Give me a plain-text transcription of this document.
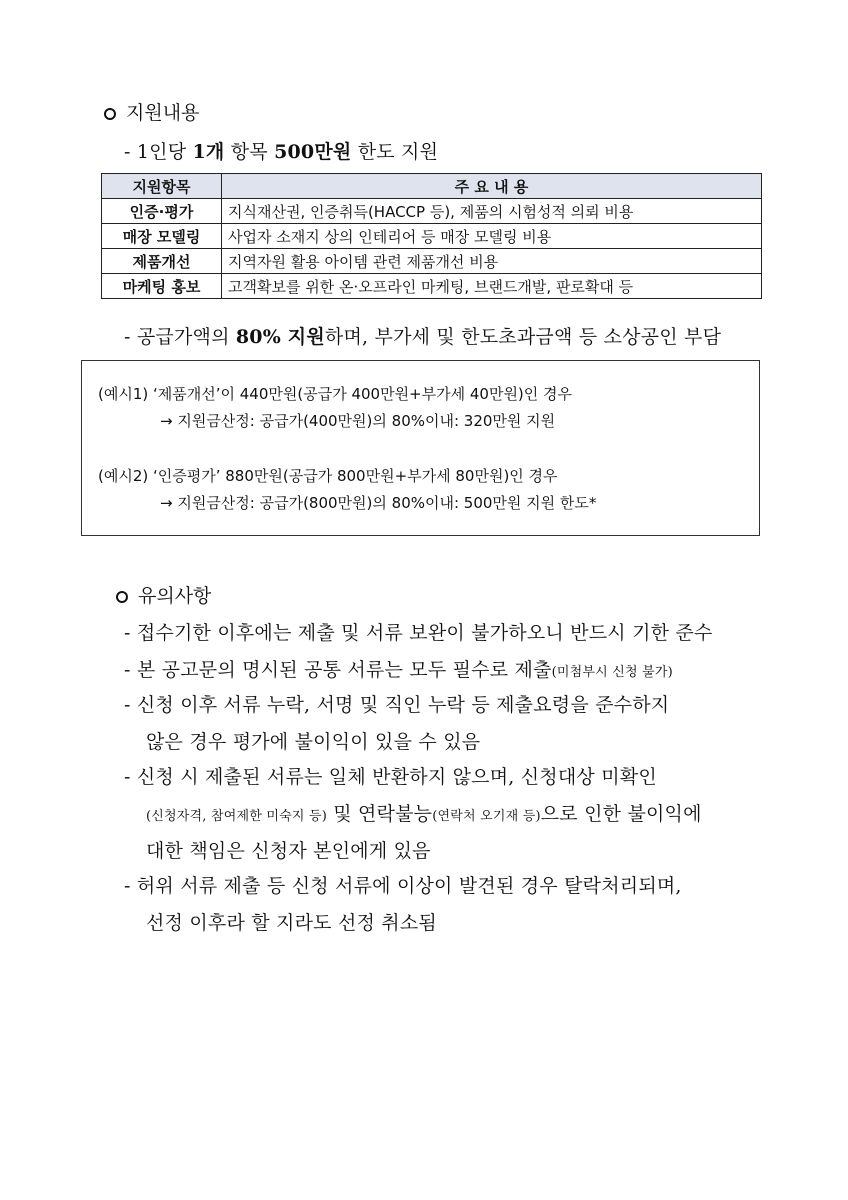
지원내용
- 1인당 1개 항목 500만원 한도 지원
지원항목	주 요 내 용
인증·평가	지식재산권, 인증취득(HACCP 등), 제품의 시험성적 의뢰 비용
매장 모델링	사업자 소재지 상의 인테리어 등 매장 모델링 비용
제품개선	지역자원 활용 아이템 관련 제품개선 비용
마케팅 홍보	고객확보를 위한 온·오프라인 마케팅, 브랜드개발, 판로확대 등
- 공급가액의 80% 지원하며, 부가세 및 한도초과금액 등 소상공인 부담
(예시1) ‘제품개선’이 440만원(공급가 400만원+부가세 40만원)인 경우
→ 지원금산정: 공급가(400만원)의 80%이내: 320만원 지원
(예시2) ‘인증평가’ 880만원(공급가 800만원+부가세 80만원)인 경우
→ 지원금산정: 공급가(800만원)의 80%이내: 500만원 지원 한도*
유의사항
- 접수기한 이후에는 제출 및 서류 보완이 불가하오니 반드시 기한 준수
- 본 공고문의 명시된 공통 서류는 모두 필수로 제출(미첨부시 신청 불가)
- 신청 이후 서류 누락, 서명 및 직인 누락 등 제출요령을 준수하지
않은 경우 평가에 불이익이 있을 수 있음
- 신청 시 제출된 서류는 일체 반환하지 않으며, 신청대상 미확인
(신청자격, 참여제한 미숙지 등) 및 연락불능(연락처 오기재 등)으로 인한 불이익에
대한 책임은 신청자 본인에게 있음
- 허위 서류 제출 등 신청 서류에 이상이 발견된 경우 탈락처리되며,
선정 이후라 할 지라도 선정 취소됨
